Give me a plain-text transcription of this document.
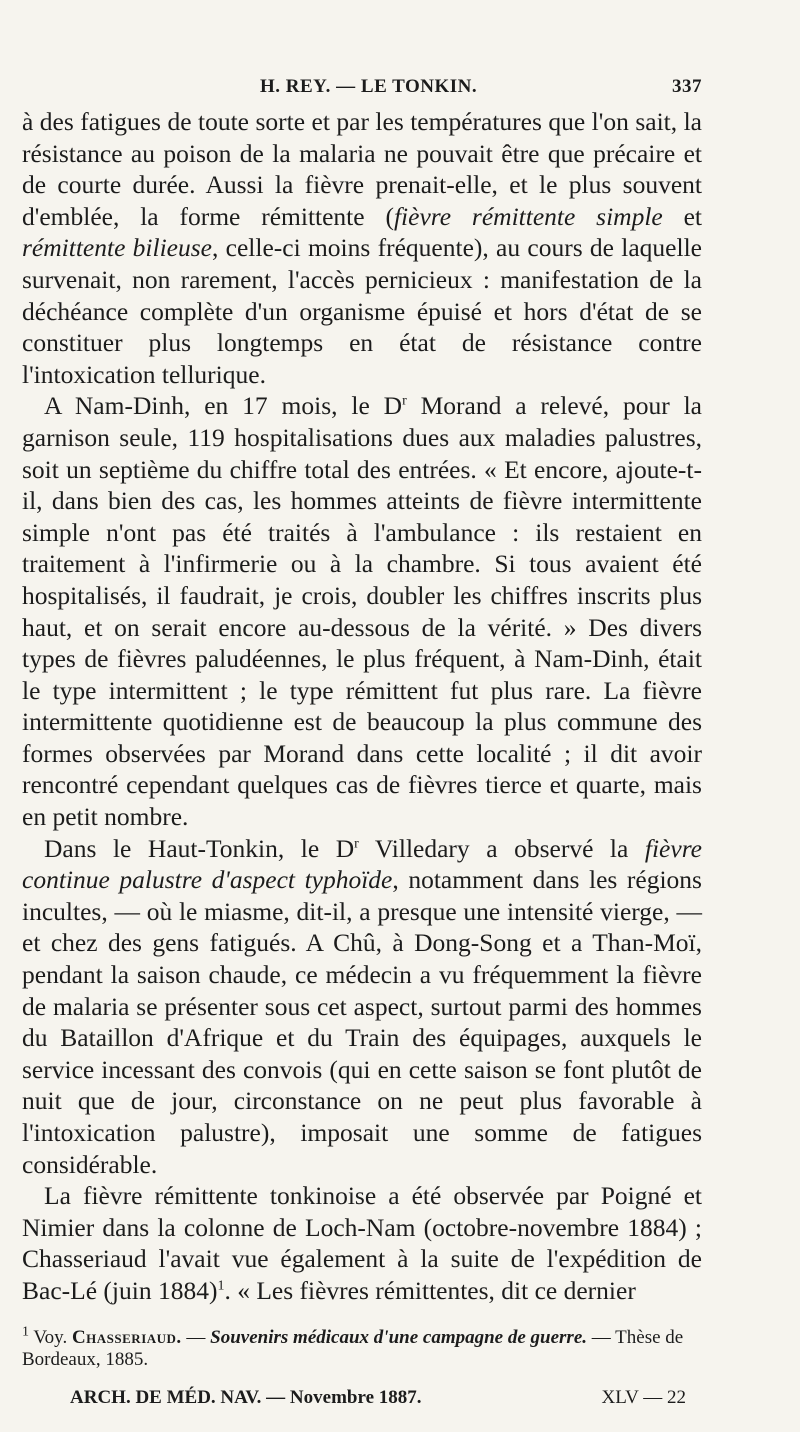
H. REY. — LE TONKIN.	337

à des fatigues de toute sorte et par les températures que l'on sait, la résistance au poison de la malaria ne pouvait être que précaire et de courte durée. Aussi la fièvre prenait-elle, et le plus souvent d'emblée, la forme rémittente (fièvre rémittente simple et rémittente bilieuse, celle-ci moins fréquente), au cours de laquelle survenait, non rarement, l'accès pernicieux : manifestation de la déchéance complète d'un organisme épuisé et hors d'état de se constituer plus longtemps en état de résistance contre l'intoxication tellurique.

A Nam-Dinh, en 17 mois, le $D^r$ Morand a relevé, pour la garnison seule, 119 hospitalisations dues aux maladies palustres, soit un septième du chiffre total des entrées. « Et encore, ajoute-t-il, dans bien des cas, les hommes atteints de fièvre intermittente simple n'ont pas été traités à l'ambulance : ils restaient en traitement à l'infirmerie ou à la chambre. Si tous avaient été hospitalisés, il faudrait, je crois, doubler les chiffres inscrits plus haut, et on serait encore au-dessous de la vérité. » Des divers types de fièvres paludéennes, le plus fréquent, à Nam-Dinh, était le type intermittent ; le type rémittent fut plus rare. La fièvre intermittente quotidienne est de beaucoup la plus commune des formes observées par Morand dans cette localité ; il dit avoir rencontré cependant quelques cas de fièvres tierce et quarte, mais en petit nombre.

Dans le Haut-Tonkin, le $D^r$ Villedary a observé la fièvre continue palustre d'aspect typhoïde, notamment dans les régions incultes, — où le miasme, dit-il, a presque une intensité vierge, — et chez des gens fatigués. A Chû, à Dong-Song et a Than-Moï, pendant la saison chaude, ce médecin a vu fréquemment la fièvre de malaria se présenter sous cet aspect, surtout parmi des hommes du Bataillon d'Afrique et du Train des équipages, auxquels le service incessant des convois (qui en cette saison se font plutôt de nuit que de jour, circonstance on ne peut plus favorable à l'intoxication palustre), imposait une somme de fatigues considérable.

La fièvre rémittente tonkinoise a été observée par Poigné et Nimier dans la colonne de Loch-Nam (octobre-novembre 1884) ; Chasseriaud l'avait vue également à la suite de l'expédition de Bac-Lé (juin 1884)$^1$. « Les fièvres rémittentes, dit ce dernier

$^1$ Voy. Chasseriaud. — Souvenirs médicaux d'une campagne de guerre. — Thèse de Bordeaux, 1885.
ARCH. DE MÉD. NAV. — Novembre 1887.	XLV — 22
